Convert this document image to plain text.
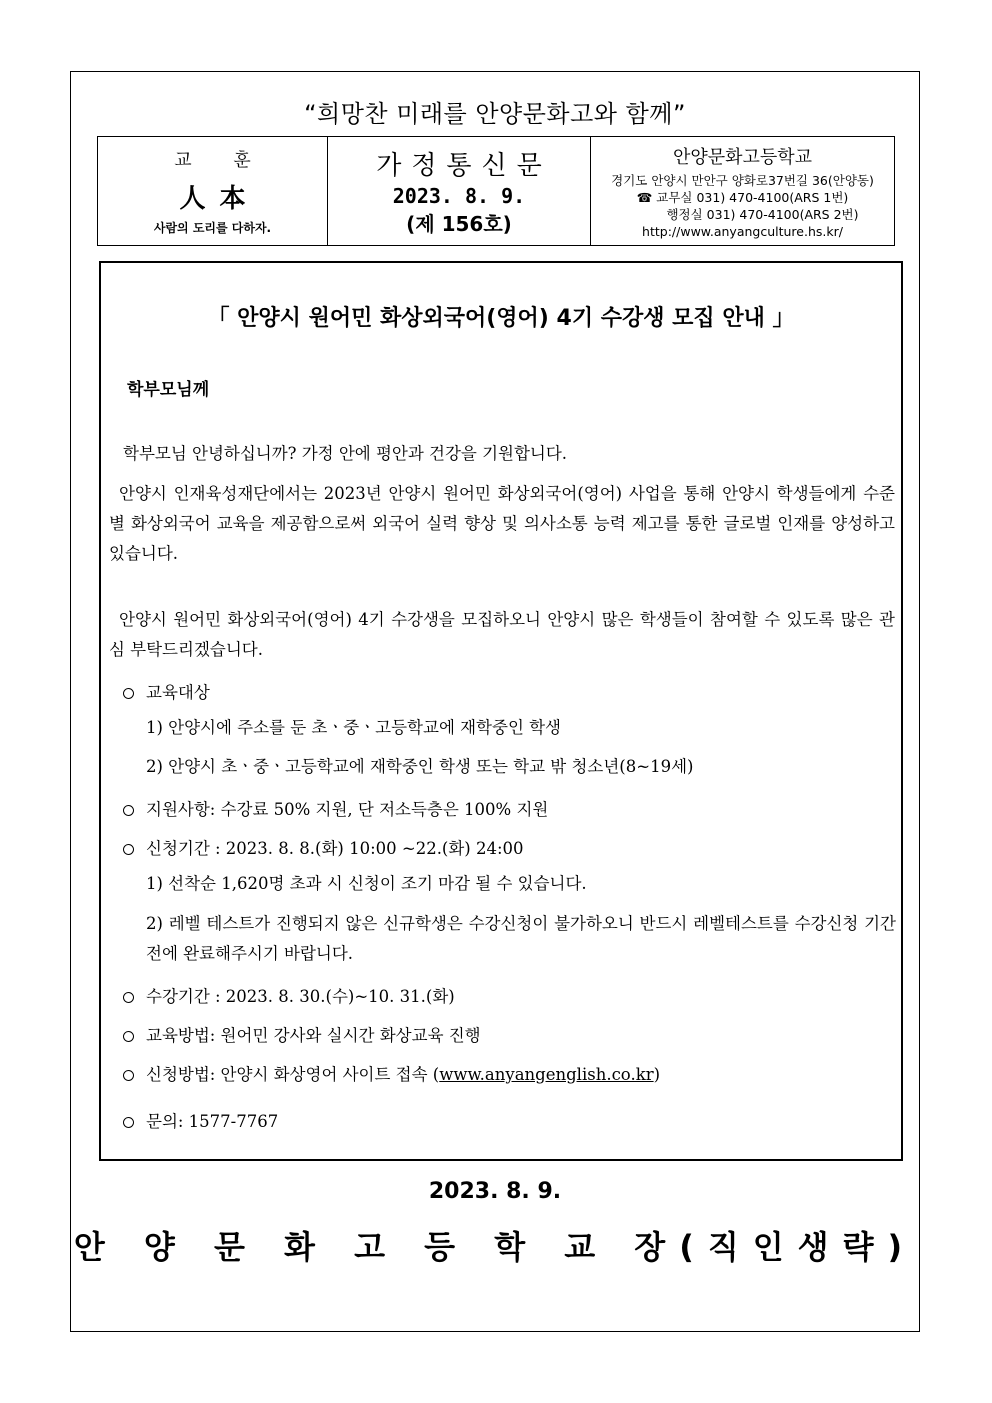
“희망찬 미래를 안양문화고와 함께”
교 훈
人本
사람의 도리를 다하자.
가정통신문
2023. 8. 9.
(제 156호)
안양문화고등학교
경기도 안양시 만안구 양화로37번길 36(안양동)
☎ 교무실 031) 470-4100(ARS 1번)
행정실 031) 470-4100(ARS 2번)
http://www.anyangculture.hs.kr/
「 안양시 원어민 화상외국어(영어) 4기 수강생 모집 안내 」
학부모님께
학부모님 안녕하십니까? 가정 안에 평안과 건강을 기원합니다.
안양시 인재육성재단에서는 2023년 안양시 원어민 화상외국어(영어) 사업을 통해 안양시 학생들에게 수준별 화상외국어 교육을 제공함으로써 외국어 실력 향상 및 의사소통 능력 제고를 통한 글로벌 인재를 양성하고 있습니다.
안양시 원어민 화상외국어(영어) 4기 수강생을 모집하오니 안양시 많은 학생들이 참여할 수 있도록 많은 관심 부탁드리겠습니다.
교육대상
1) 안양시에 주소를 둔 초ㆍ중ㆍ고등학교에 재학중인 학생
2) 안양시 초ㆍ중ㆍ고등학교에 재학중인 학생 또는 학교 밖 청소년(8~19세)
지원사항: 수강료 50% 지원, 단 저소득층은 100% 지원
신청기간 : 2023. 8. 8.(화) 10:00 ~22.(화) 24:00
1) 선착순 1,620명 초과 시 신청이 조기 마감 될 수 있습니다.
2) 레벨 테스트가 진행되지 않은 신규학생은 수강신청이 불가하오니 반드시 레벨테스트를 수강신청 기간 전에 완료해주시기 바랍니다.
수강기간 : 2023. 8. 30.(수)~10. 31.(화)
교육방법: 원어민 강사와 실시간 화상교육 진행
신청방법: 안양시 화상영어 사이트 접속 (www.anyangenglish.co.kr)
문의: 1577-7767
2023. 8. 9.
안 양 문 화 고 등 학 교 장(직인생략)
